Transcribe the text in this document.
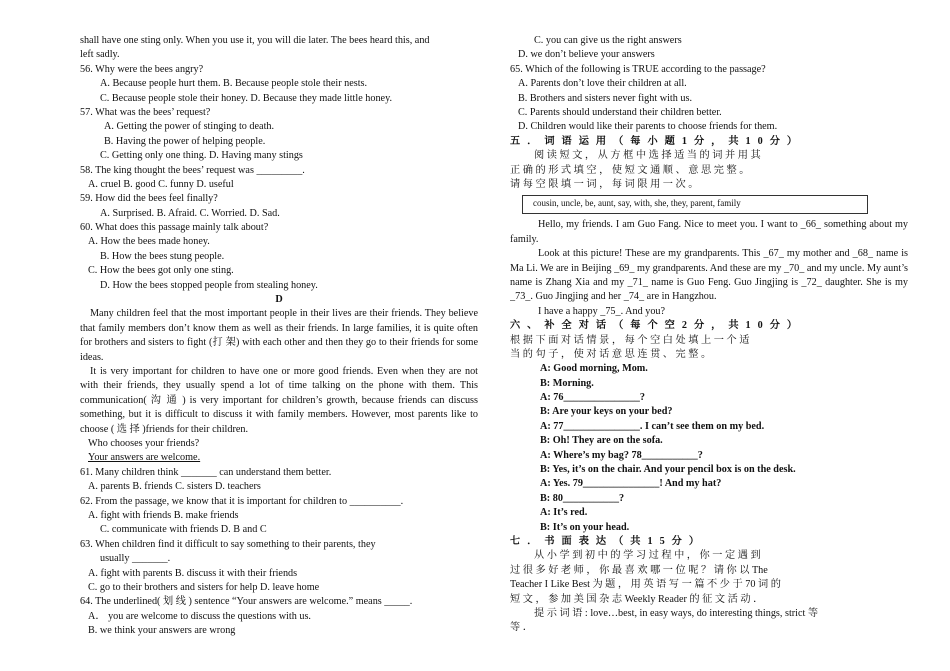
shall have one sting only. When you use it, you will die later. The bees heard this, and
left sadly.
56. Why were the bees angry?
A. Because people hurt them. B. Because people stole their nests.
C. Because people stole their honey. D. Because they made little honey.
57. What was the bees’ request?
A. Getting the power of stinging to death.
B. Having the power of helping people.
C. Getting only one thing. D. Having many stings
58. The king thought the bees’ request was _________.
A. cruel B. good C. funny D. useful
59. How did the bees feel finally?
A. Surprised. B. Afraid. C. Worried. D. Sad.
60. What does this passage mainly talk about?
A. How the bees made honey.
B. How the bees stung people.
C. How the bees got only one sting.
D. How the bees stopped people from stealing honey.
D
Many children feel that the most important people in their lives are their friends. They believe that family members don’t know them as well as their friends. In large families, it is quite often for brothers and sisters to fight (打 架) with each other and then they go to their friends for some ideas.
It is very important for children to have one or more good friends. Even when they are not with their friends, they usually spend a lot of time talking on the phone with them. This communication( 沟 通 ) is very important for children’s growth, because friends can discuss something, but it is difficult to discuss it with family members. However, most parents like to choose ( 选 择 )friends for their children.
Who chooses your friends?
Your answers are welcome.
61. Many children think _______ can understand them better.
A. parents B. friends C. sisters D. teachers
62. From the passage, we know that it is important for children to __________.
A. fight with friends B. make friends
C. communicate with friends D. B and C
63. When children find it difficult to say something to their parents, they
usually _______.
A. fight with parents B. discuss it with their friends
C. go to their brothers and sisters for help D. leave home
64. The underlined( 划 线 ) sentence “Your answers are welcome.” means _____.
A． you are welcome to discuss the questions with us.
B. we think your answers are wrong
C. you can give us the right answers
D. we don’t believe your answers
65. Which of the following is TRUE according to the passage?
A. Parents don’t love their children at all.
B. Brothers and sisters never fight with us.
C. Parents should understand their children better.
D. Children would like their parents to choose friends for them.
五．词语运用（每小题1分，共10分）
阅 读 短 文 ， 从 方 框 中 选 择 适 当 的 词 并 用 其
正 确 的 形 式 填 空 ， 使 短 文 通 顺 、 意 思 完 整 。
请 每 空 限 填 一 词 ， 每 词 限 用 一 次 。
cousin, uncle, be, aunt, say, with, she, they, parent, family
Hello, my friends. I am Guo Fang. Nice to meet you. I want to _66_ something about my family.
Look at this picture! These are my grandparents. This _67_ my mother and _68_ name is Ma Li. We are in Beijing _69_ my grandparents. And these are my _70_ and my uncle. My aunt’s name is Zhang Xia and my _71_ name is Guo Feng. Guo Jingjing is _72_ daughter. She is my _73_. Guo Jingjing and her _74_ are in Hangzhou.
I have a happy _75_. And you?
六、补全对话（每个空2分，共10分）
根 据 下 面 对 话 情 景 ， 每 个 空 白 处 填 上 一 个 适
当 的 句 子 ， 使 对 话 意 思 连 贯 、 完 整 。
A: Good morning, Mom.
B: Morning.
A: 76_______________?
B: Are your keys on your bed?
A: 77_______________. I can’t see them on my bed.
B: Oh! They are on the sofa.
A: Where’s my bag? 78___________?
B: Yes, it’s on the chair. And your pencil box is on the desk.
A: Yes. 79_______________! And my hat?
B: 80___________?
A: It’s red.
B: It’s on your head.
七．书面表达（共15分）
从 小 学 到 初 中 的 学 习 过 程 中 ， 你 一 定 遇 到
过 很 多 好 老 师 ， 你 最 喜 欢 哪 一 位 呢 ？ 请 你 以 The
Teacher I Like Best 为 题 ， 用 英 语 写 一 篇 不 少 于 70 词 的
短 文 ， 参 加 美 国 杂 志 Weekly Reader 的 征 文 活 动 ．
提 示 词 语 : love…best, in easy ways, do interesting things, strict 等
等 ．
